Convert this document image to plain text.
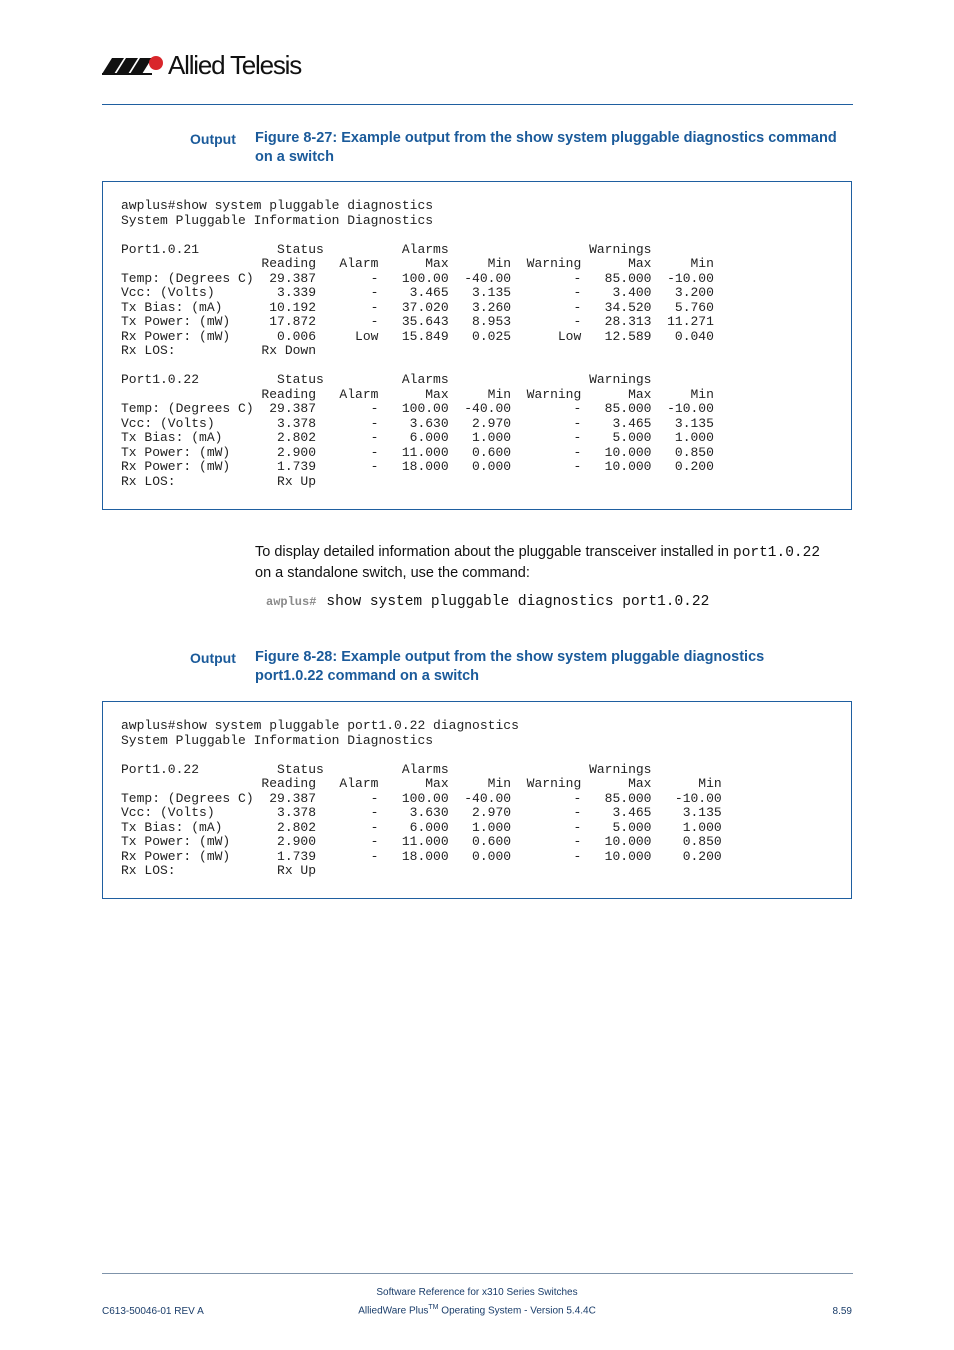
Allied Telesis
Output Figure 8-27: Example output from the show system pluggable diagnostics command on a switch
awplus#show system pluggable diagnostics
System Pluggable Information Diagnostics

Port1.0.21          Status          Alarms                  Warnings
Reading   Alarm      Max     Min  Warning      Max     Min
Temp: (Degrees C)  29.387       -   100.00  -40.00        -   85.000  -10.00
Vcc: (Volts)        3.339       -    3.465   3.135        -    3.400   3.200
Tx Bias: (mA)      10.192       -   37.020   3.260        -   34.520   5.760
Tx Power: (mW)     17.872       -   35.643   8.953        -   28.313  11.271
Rx Power: (mW)      0.006     Low   15.849   0.025      Low   12.589   0.040
Rx LOS:           Rx Down

Port1.0.22          Status          Alarms                  Warnings
Reading   Alarm      Max     Min  Warning      Max     Min
Temp: (Degrees C)  29.387       -   100.00  -40.00        -   85.000  -10.00
Vcc: (Volts)        3.378       -    3.630   2.970        -    3.465   3.135
Tx Bias: (mA)       2.802       -    6.000   1.000        -    5.000   1.000
Tx Power: (mW)      2.900       -   11.000   0.600        -   10.000   0.850
Rx Power: (mW)      1.739       -   18.000   0.000        -   10.000   0.200
Rx LOS:             Rx Up
To display detailed information about the pluggable transceiver installed in port1.0.22
on a standalone switch, use the command:
awplus# show system pluggable diagnostics port1.0.22
Output Figure 8-28: Example output from the show system pluggable diagnostics port1.0.22 command on a switch
awplus#show system pluggable port1.0.22 diagnostics
System Pluggable Information Diagnostics

Port1.0.22          Status          Alarms                  Warnings
Reading   Alarm      Max     Min  Warning      Max      Min
Temp: (Degrees C)  29.387       -   100.00  -40.00        -   85.000   -10.00
Vcc: (Volts)        3.378       -    3.630   2.970        -    3.465    3.135
Tx Bias: (mA)       2.802       -    6.000   1.000        -    5.000    1.000
Tx Power: (mW)      2.900       -   11.000   0.600        -   10.000    0.850
Rx Power: (mW)      1.739       -   18.000   0.000        -   10.000    0.200
Rx LOS:             Rx Up
Software Reference for x310 Series Switches
AlliedWare Plus™ Operating System - Version 5.4.4C
C613-50046-01 REV A	8.59
